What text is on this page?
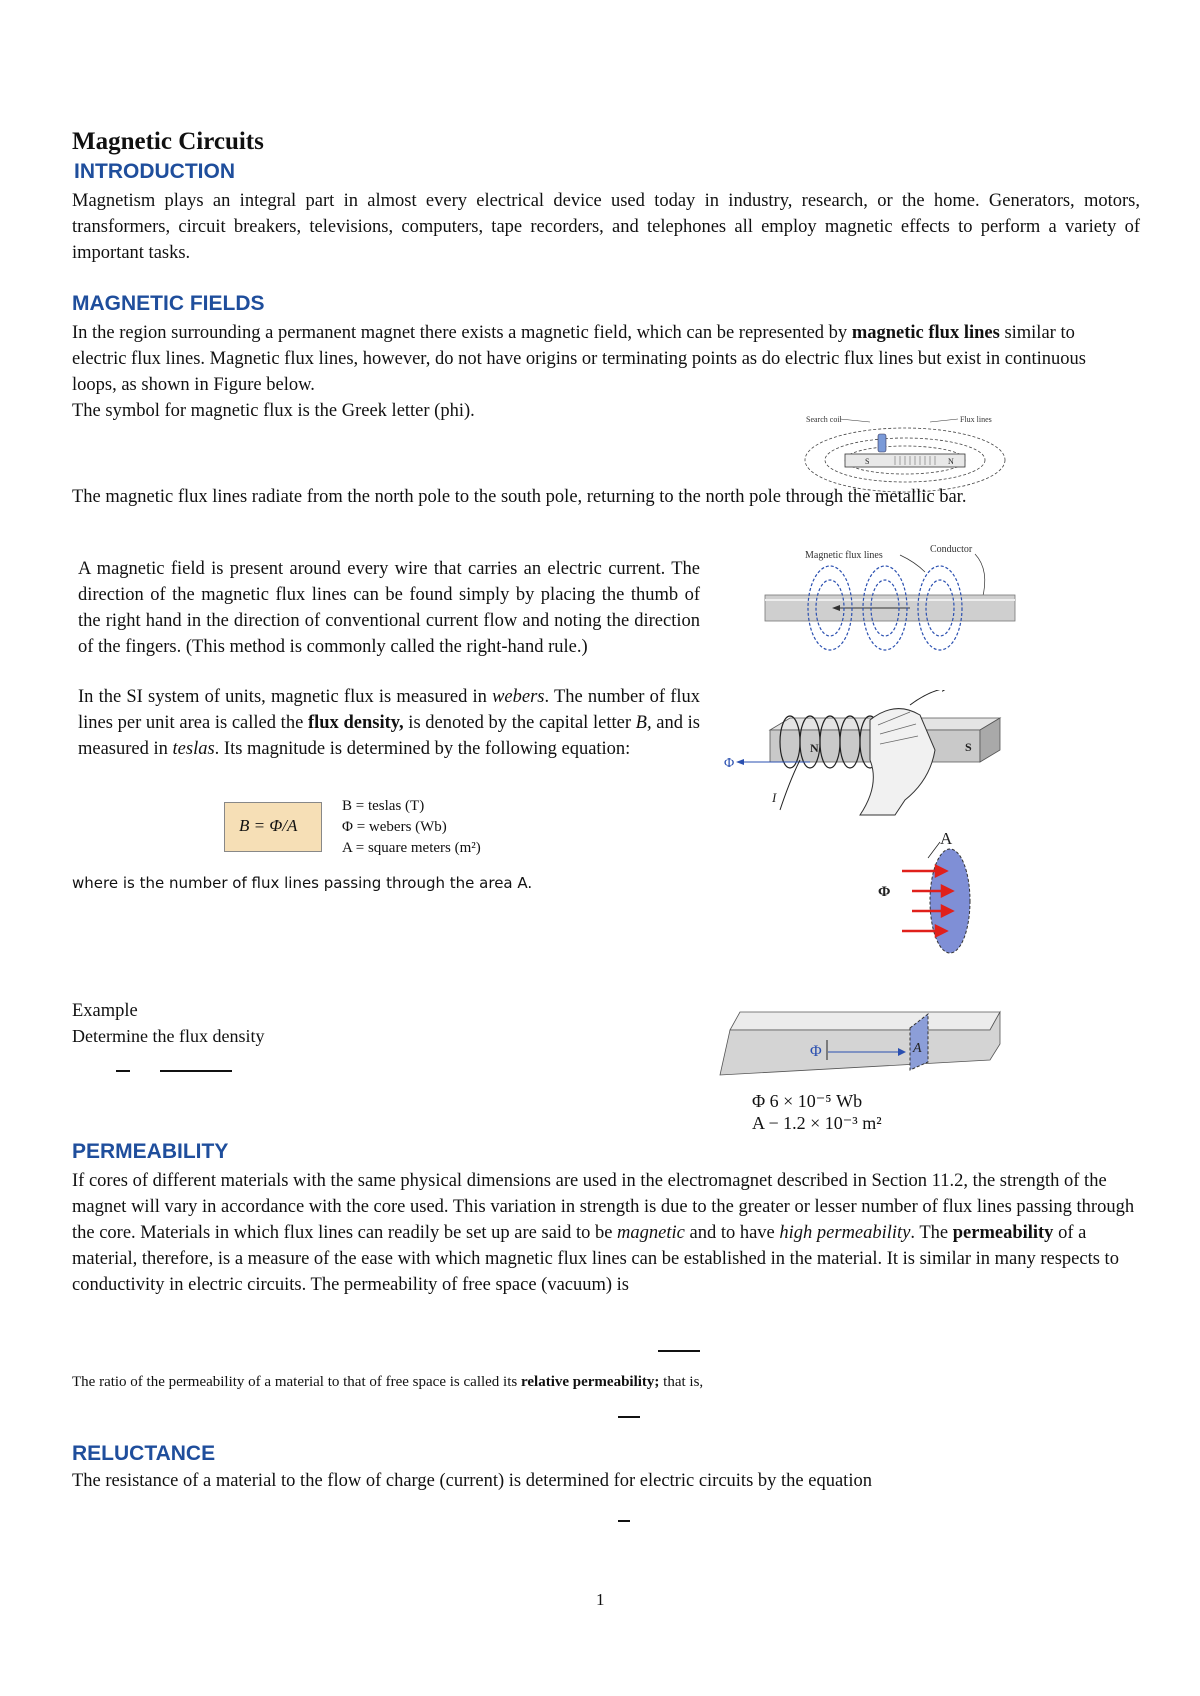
Magnetic Circuits
INTRODUCTION
Magnetism plays an integral part in almost every electrical device used today in industry, research, or the home. Generators, motors, transformers, circuit breakers, televisions, computers, tape recorders, and telephones all employ magnetic effects to perform a variety of important tasks.
MAGNETIC FIELDS
In the region surrounding a permanent magnet there exists a magnetic field, which can be represented by magnetic flux lines similar to electric flux lines. Magnetic flux lines, however, do not have origins or terminating points as do electric flux lines but exist in continuous loops, as shown in Figure below.
The symbol for magnetic flux is the Greek letter (phi).	Search coil	Flux lines
S	N
The magnetic flux lines radiate from the north pole to the south pole, returning to the north pole through the metallic bar.
A magnetic field is present around every wire that carries an electric current. The direction of the magnetic flux lines can be found simply by placing the thumb of the right hand in the direction of conventional current flow and noting the direction of the fingers. (This method is commonly called the right-hand rule.)
In the SI system of units, magnetic flux is measured in webers. The number of flux lines per unit area is called the flux density, is denoted by the capital letter B, and is measured in teslas. Its magnitude is determined by the following equation:
B = Φ/A
B = teslas (T)
Φ = webers (Wb)
A = square meters (m²)
where is the number of flux lines passing through the area A.
Magnetic flux lines
Conductor
N	S
Φ
I
A
Φ
Example
Determine the flux density
A
Φ
Φ 6 × 10⁻⁵ Wb
A − 1.2 × 10⁻³ m²
PERMEABILITY
If cores of different materials with the same physical dimensions are used in the electromagnet described in Section 11.2, the strength of the magnet will vary in accordance with the core used. This variation in strength is due to the greater or lesser number of flux lines passing through the core. Materials in which flux lines can readily be set up are said to be magnetic and to have high permeability. The permeability of a material, therefore, is a measure of the ease with which magnetic flux lines can be established in the material. It is similar in many respects to conductivity in electric circuits. The permeability of free space (vacuum) is
The ratio of the permeability of a material to that of free space is called its relative permeability; that is,
RELUCTANCE
The resistance of a material to the flow of charge (current) is determined for electric circuits by the equation
1
